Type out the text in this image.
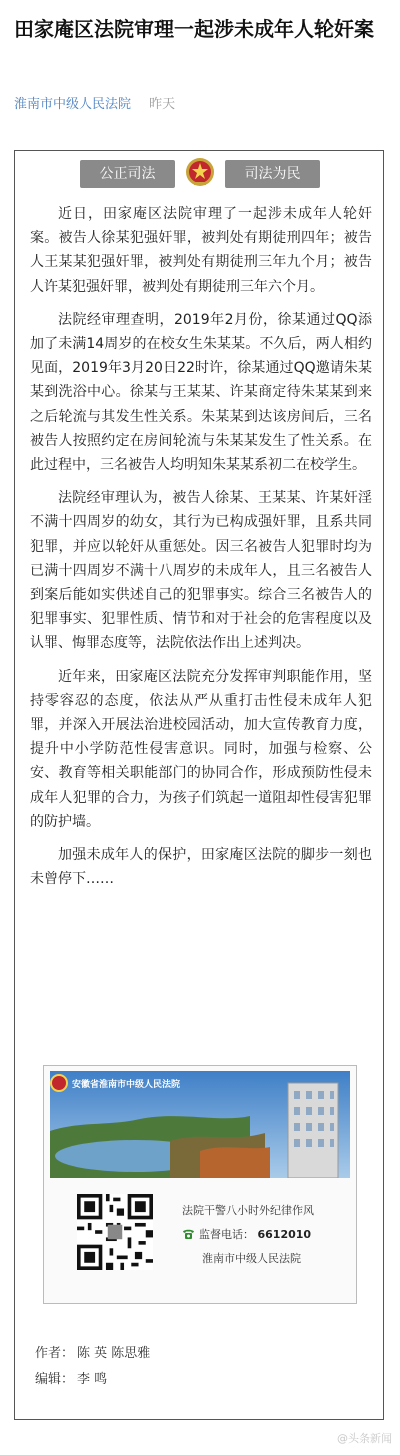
田家庵区法院审理一起涉未成年人轮奸案
淮南市中级人民法院 昨天
公正司法	司法为民

近日，田家庵区法院审理了一起涉未成年人轮奸案。被告人徐某犯强奸罪，被判处有期徒刑四年；被告人王某某犯强奸罪，被判处有期徒刑三年九个月；被告人许某犯强奸罪，被判处有期徒刑三年六个月。

法院经审理查明，2019年2月份，徐某通过QQ添加了未满14周岁的在校女生朱某某。不久后，两人相约见面，2019年3月20日22时许，徐某通过QQ邀请朱某某到洗浴中心。徐某与王某某、许某商定待朱某某到来之后轮流与其发生性关系。朱某某到达该房间后，三名被告人按照约定在房间轮流与朱某某发生了性关系。在此过程中，三名被告人均明知朱某某系初二在校学生。

法院经审理认为，被告人徐某、王某某、许某奸淫不满十四周岁的幼女，其行为已构成强奸罪，且系共同犯罪，并应以轮奸从重惩处。因三名被告人犯罪时均为已满十四周岁不满十八周岁的未成年人，且三名被告人到案后能如实供述自己的犯罪事实。综合三名被告人的犯罪事实、犯罪性质、情节和对于社会的危害程度以及认罪、悔罪态度等，法院依法作出上述判决。

近年来，田家庵区法院充分发挥审判职能作用，坚持零容忍的态度，依法从严从重打击性侵未成年人犯罪，并深入开展法治进校园活动，加大宣传教育力度，提升中小学防范性侵害意识。同时，加强与检察、公安、教育等相关职能部门的协同合作，形成预防性侵未成年人犯罪的合力，为孩子们筑起一道阻却性侵害犯罪的防护墙。

加强未成年人的保护，田家庵区法院的脚步一刻也未曾停下……

安徽省淮南市中级人民法院
法院干警八小时外纪律作风
监督电话： 6612010
淮南市中级人民法院
作者： 陈 英 陈思雅
编辑： 李 鸣
@头条新闻
